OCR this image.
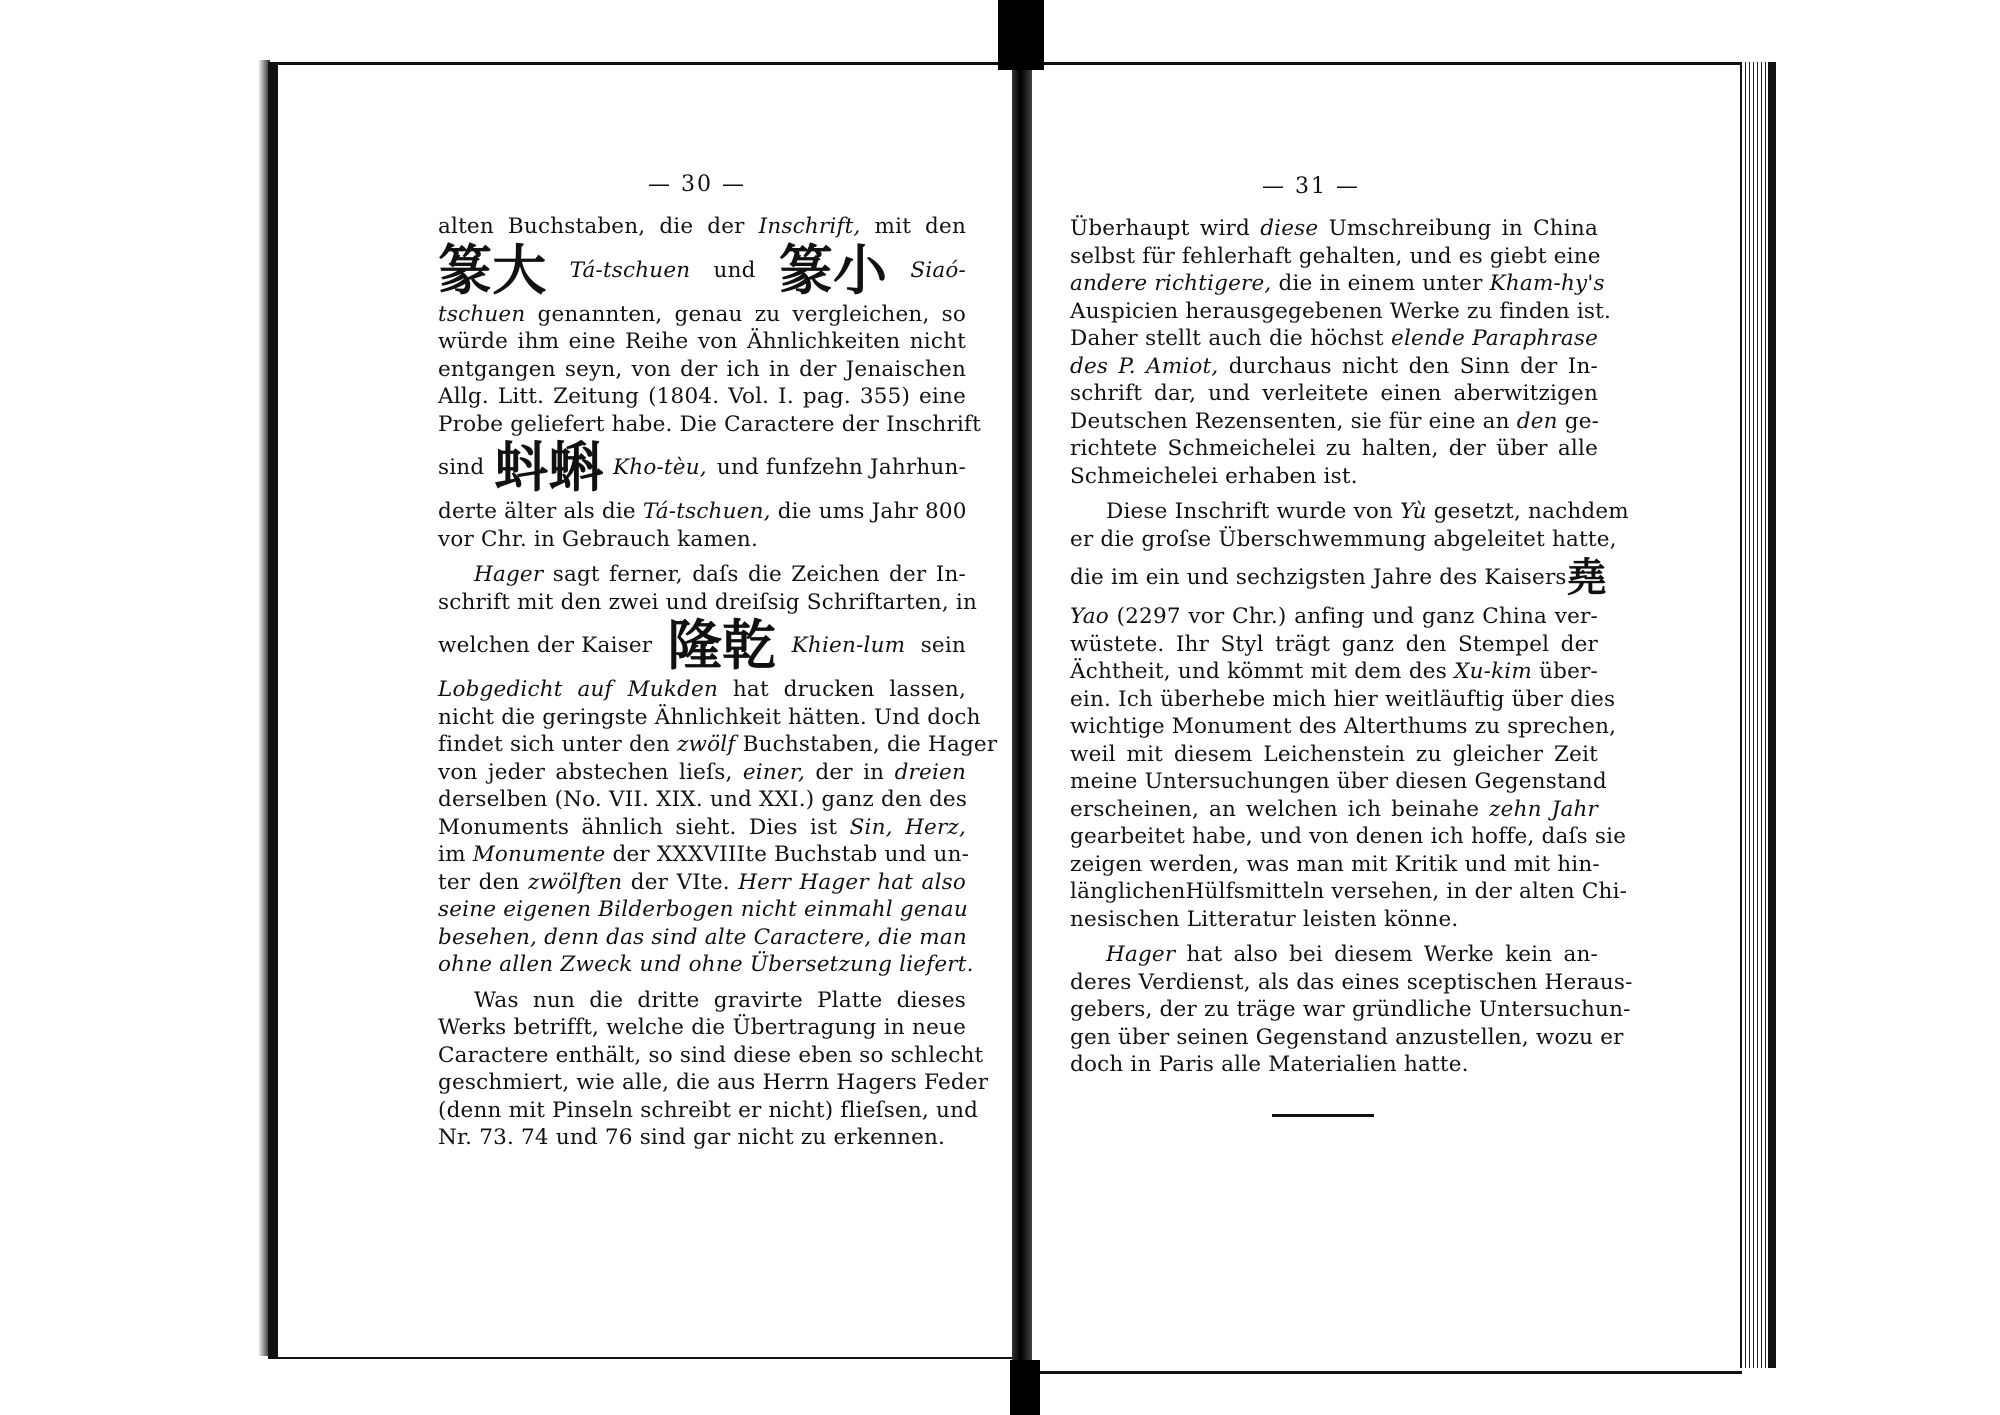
— 30 —	— 31 —
alten Buchstaben, die der Inschrift, mit den
篆大 Tá-tschuen und 篆小 Siaó-
tschuen genannten, genau zu vergleichen, so
würde ihm eine Reihe von Ähnlichkeiten nicht
entgangen seyn, von der ich in der Jenaischen
Allg. Litt. Zeitung (1804. Vol. I. pag. 355) eine
Probe geliefert habe. Die Caractere der Inschrift
sind 蚪蝌 Kho-tèu, und funfzehn Jahrhun-
derte älter als die Tá-tschuen, die ums Jahr 800
vor Chr. in Gebrauch kamen.
Hager sagt ferner, daſs die Zeichen der In-
schrift mit den zwei und dreiſsig Schriftarten, in
welchen der Kaiser 隆乾 Khien-lum sein
Lobgedicht auf Mukden hat drucken lassen,
nicht die geringste Ähnlichkeit hätten. Und doch
findet sich unter den zwölf Buchstaben, die Hager
von jeder abstechen lieſs, einer, der in dreien
derselben (No. VII. XIX. und XXI.) ganz den des
Monuments ähnlich sieht. Dies ist Sin, Herz,
im Monumente der XXXVIIIte Buchstab und un-
ter den zwölften der VIte. Herr Hager hat also
seine eigenen Bilderbogen nicht einmahl genau
besehen, denn das sind alte Caractere, die man
ohne allen Zweck und ohne Übersetzung liefert.
Was nun die dritte gravirte Platte dieses
Werks betrifft, welche die Übertragung in neue
Caractere enthält, so sind diese eben so schlecht
geschmiert, wie alle, die aus Herrn Hagers Feder
(denn mit Pinseln schreibt er nicht) flieſsen, und
Nr. 73. 74 und 76 sind gar nicht zu erkennen.
Überhaupt wird diese Umschreibung in China
selbst für fehlerhaft gehalten, und es giebt eine
andere richtigere, die in einem unter Kham-hy's
Auspicien herausgegebenen Werke zu finden ist.
Daher stellt auch die höchst elende Paraphrase
des P. Amiot, durchaus nicht den Sinn der In-
schrift dar, und verleitete einen aberwitzigen
Deutschen Rezensenten, sie für eine an den ge-
richtete Schmeichelei zu halten, der über alle
Schmeichelei erhaben ist.
Diese Inschrift wurde von Yù gesetzt, nachdem
er die groſse Überschwemmung abgeleitet hatte,
die im ein und sechzigsten Jahre des Kaisers 堯
Yao (2297 vor Chr.) anfing und ganz China ver-
wüstete. Ihr Styl trägt ganz den Stempel der
Ächtheit, und kömmt mit dem des Xu-kim über-
ein. Ich überhebe mich hier weitläuftig über dies
wichtige Monument des Alterthums zu sprechen,
weil mit diesem Leichenstein zu gleicher Zeit
meine Untersuchungen über diesen Gegenstand
erscheinen, an welchen ich beinahe zehn Jahr
gearbeitet habe, und von denen ich hoffe, daſs sie
zeigen werden, was man mit Kritik und mit hin-
länglichenHülfsmitteln versehen, in der alten Chi-
nesischen Litteratur leisten könne.
Hager hat also bei diesem Werke kein an-
deres Verdienst, als das eines sceptischen Heraus-
gebers, der zu träge war gründliche Untersuchun-
gen über seinen Gegenstand anzustellen, wozu er
doch in Paris alle Materialien hatte.
